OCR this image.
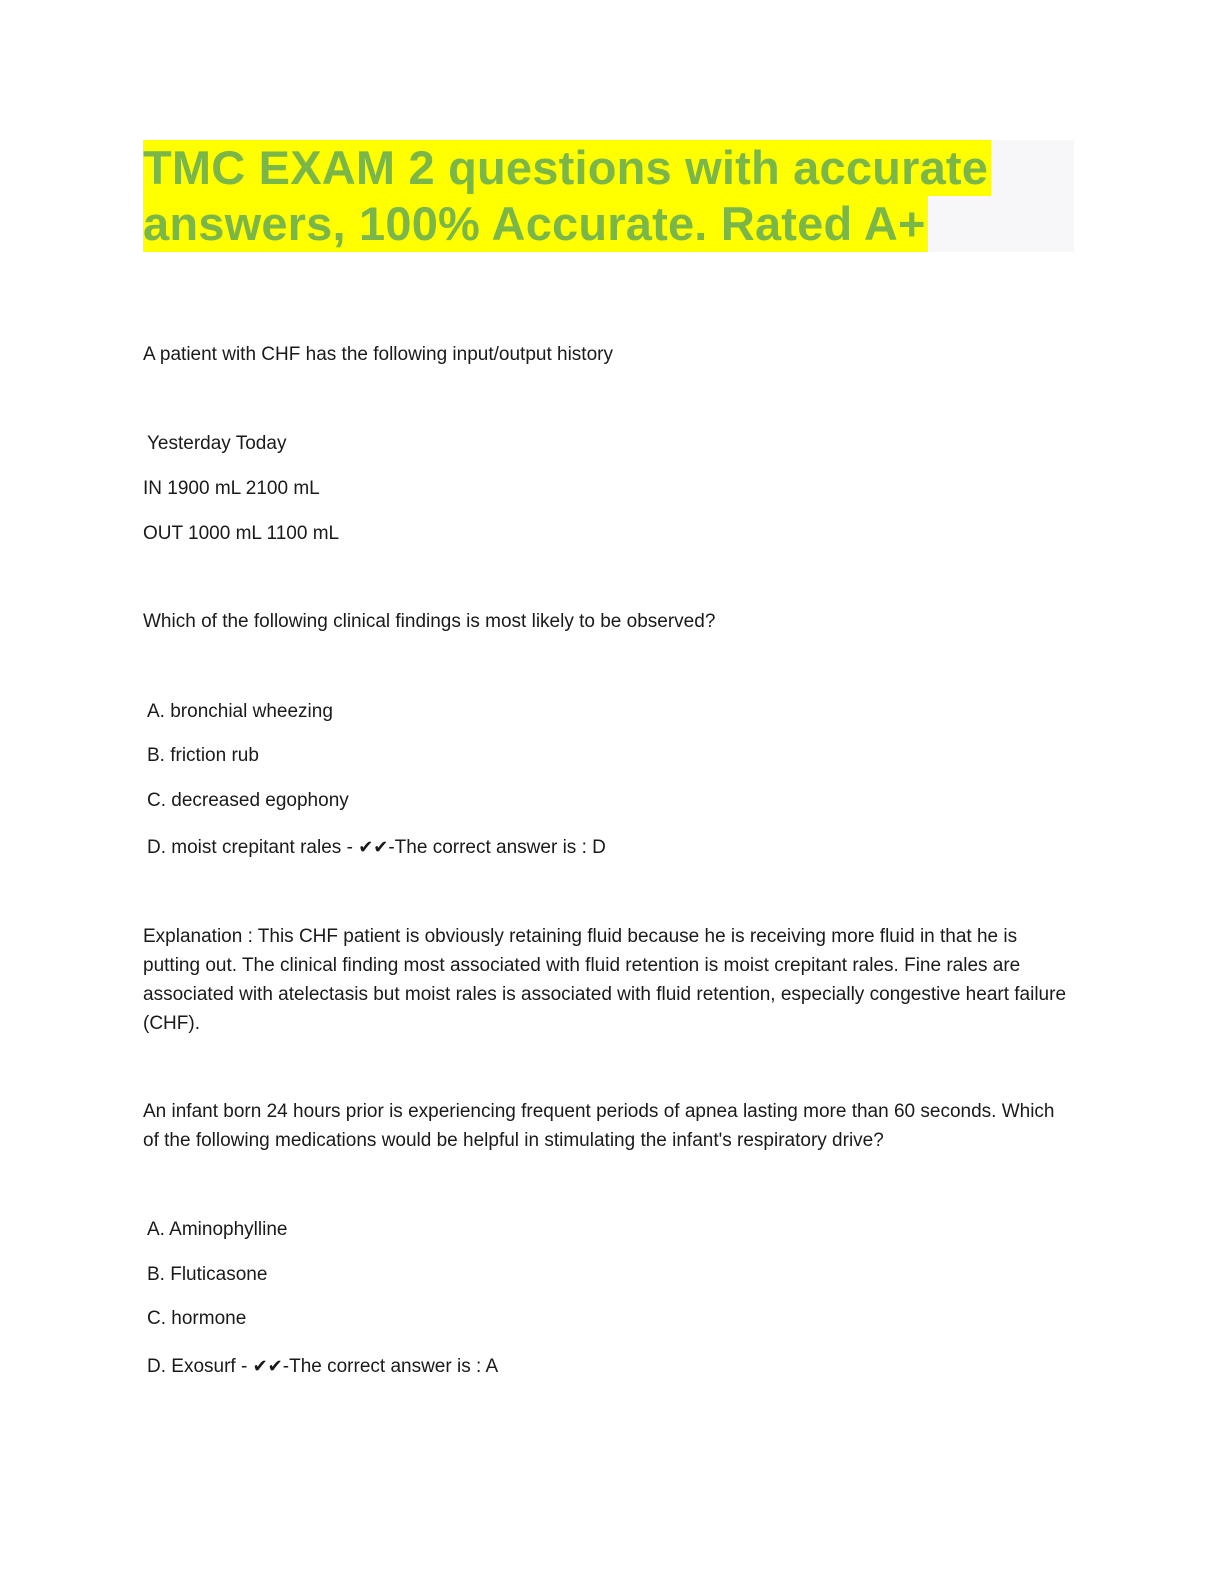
TMC EXAM 2 questions with accurate
answers, 100% Accurate. Rated A+

A patient with CHF has the following input/output history

Yesterday Today

IN 1900 mL 2100 mL

OUT 1000 mL 1100 mL

Which of the following clinical findings is most likely to be observed?

A. bronchial wheezing

B. friction rub

C. decreased egophony

D. moist crepitant rales - ✔✔-The correct answer is : D

Explanation : This CHF patient is obviously retaining fluid because he is receiving more fluid in that he is putting out. The clinical finding most associated with fluid retention is moist crepitant rales. Fine rales are associated with atelectasis but moist rales is associated with fluid retention, especially congestive heart failure (CHF).

An infant born 24 hours prior is experiencing frequent periods of apnea lasting more than 60 seconds. Which of the following medications would be helpful in stimulating the infant's respiratory drive?

A. Aminophylline

B. Fluticasone

C. hormone

D. Exosurf - ✔✔-The correct answer is : A
